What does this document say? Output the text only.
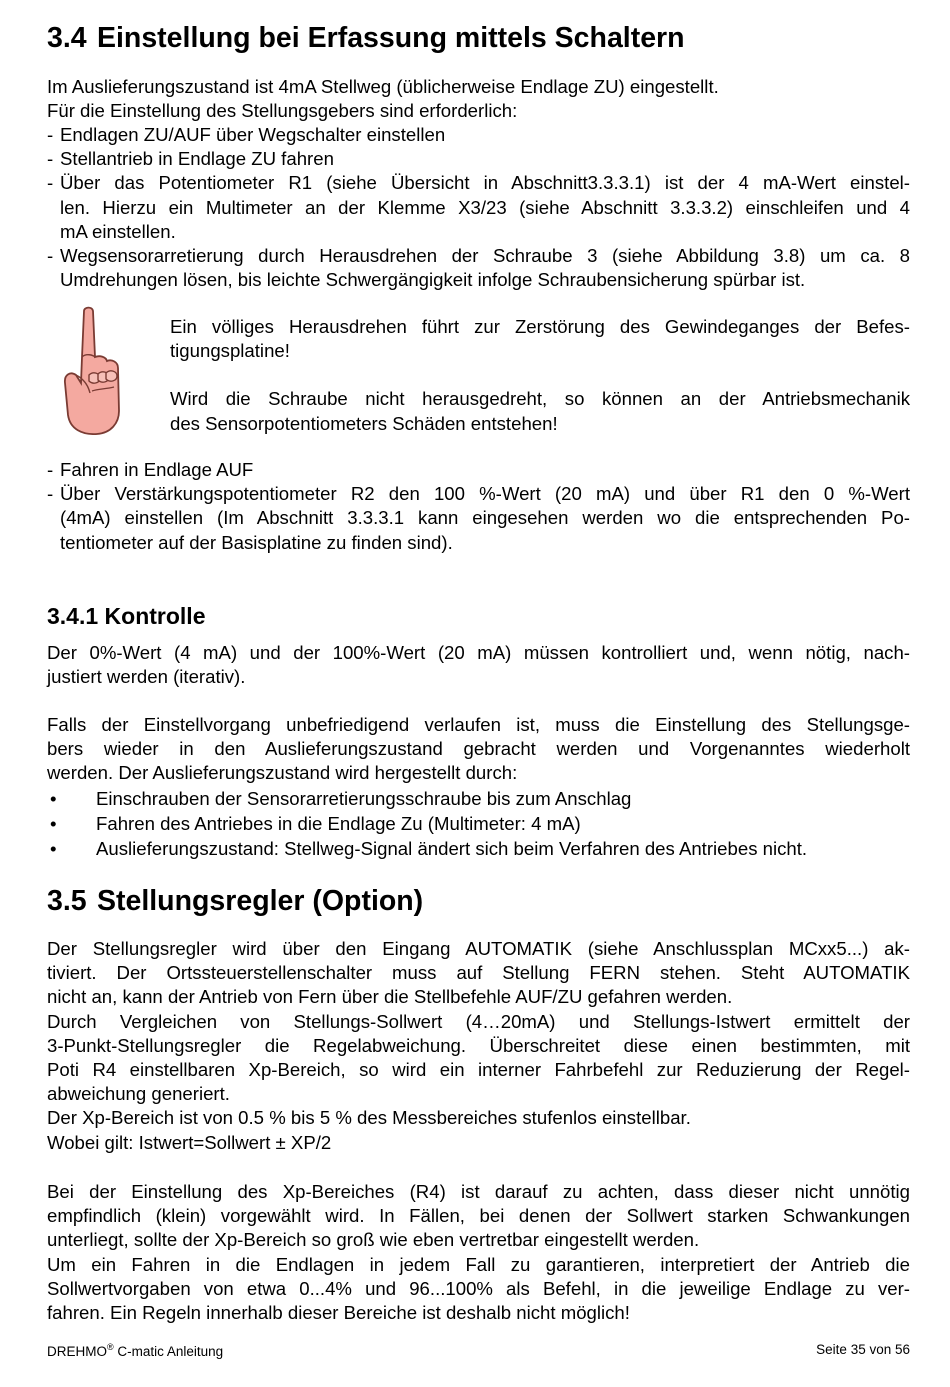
3.4 Einstellung bei Erfassung mittels Schaltern
Im Auslieferungszustand ist 4mA Stellweg (üblicherweise Endlage ZU) eingestellt.
Für die Einstellung des Stellungsgebers sind erforderlich:
- Endlagen ZU/AUF über Wegschalter einstellen
- Stellantrieb in Endlage ZU fahren
- Über das Potentiometer R1 (siehe Übersicht in Abschnitt3.3.3.1) ist der 4 mA-Wert einstel-
len. Hierzu ein Multimeter an der Klemme X3/23 (siehe Abschnitt 3.3.3.2) einschleifen und 4
mA einstellen.
- Wegsensorarretierung durch Herausdrehen der Schraube 3 (siehe Abbildung 3.8) um ca. 8
Umdrehungen lösen, bis leichte Schwergängigkeit infolge Schraubensicherung spürbar ist.
Ein völliges Herausdrehen führt zur Zerstörung des Gewindeganges der Befes-
tigungsplatine!
Wird die Schraube nicht herausgedreht, so können an der Antriebsmechanik
des Sensorpotentiometers Schäden entstehen!
- Fahren in Endlage AUF
- Über Verstärkungspotentiometer R2 den 100 %-Wert (20 mA) und über R1 den 0 %-Wert
(4mA) einstellen (Im Abschnitt 3.3.3.1 kann eingesehen werden wo die entsprechenden Po-
tentiometer auf der Basisplatine zu finden sind).
3.4.1 Kontrolle
Der 0%-Wert (4 mA) und der 100%-Wert (20 mA) müssen kontrolliert und, wenn nötig, nach-
justiert werden (iterativ).
Falls der Einstellvorgang unbefriedigend verlaufen ist, muss die Einstellung des Stellungsge-
bers wieder in den Auslieferungszustand gebracht werden und Vorgenanntes wiederholt
werden. Der Auslieferungszustand wird hergestellt durch:
• Einschrauben der Sensorarretierungsschraube bis zum Anschlag
• Fahren des Antriebes in die Endlage Zu (Multimeter: 4 mA)
• Auslieferungszustand: Stellweg-Signal ändert sich beim Verfahren des Antriebes nicht.
3.5 Stellungsregler (Option)
Der Stellungsregler wird über den Eingang AUTOMATIK (siehe Anschlussplan MCxx5...) ak-
tiviert. Der Ortssteuerstellenschalter muss auf Stellung FERN stehen. Steht AUTOMATIK
nicht an, kann der Antrieb von Fern über die Stellbefehle AUF/ZU gefahren werden.
Durch Vergleichen von Stellungs-Sollwert (4…20mA) und Stellungs-Istwert ermittelt der
3-Punkt-Stellungsregler die Regelabweichung. Überschreitet diese einen bestimmten, mit
Poti R4 einstellbaren Xp-Bereich, so wird ein interner Fahrbefehl zur Reduzierung der Regel-
abweichung generiert.
Der Xp-Bereich ist von 0.5 % bis 5 % des Messbereiches stufenlos einstellbar.
Wobei gilt: Istwert=Sollwert ± XP/2
Bei der Einstellung des Xp-Bereiches (R4) ist darauf zu achten, dass dieser nicht unnötig
empfindlich (klein) vorgewählt wird. In Fällen, bei denen der Sollwert starken Schwankungen
unterliegt, sollte der Xp-Bereich so groß wie eben vertretbar eingestellt werden.
Um ein Fahren in die Endlagen in jedem Fall zu garantieren, interpretiert der Antrieb die
Sollwertvorgaben von etwa 0...4% und 96...100% als Befehl, in die jeweilige Endlage zu ver-
fahren. Ein Regeln innerhalb dieser Bereiche ist deshalb nicht möglich!
DREHMO® C-matic Anleitung	Seite 35 von 56
